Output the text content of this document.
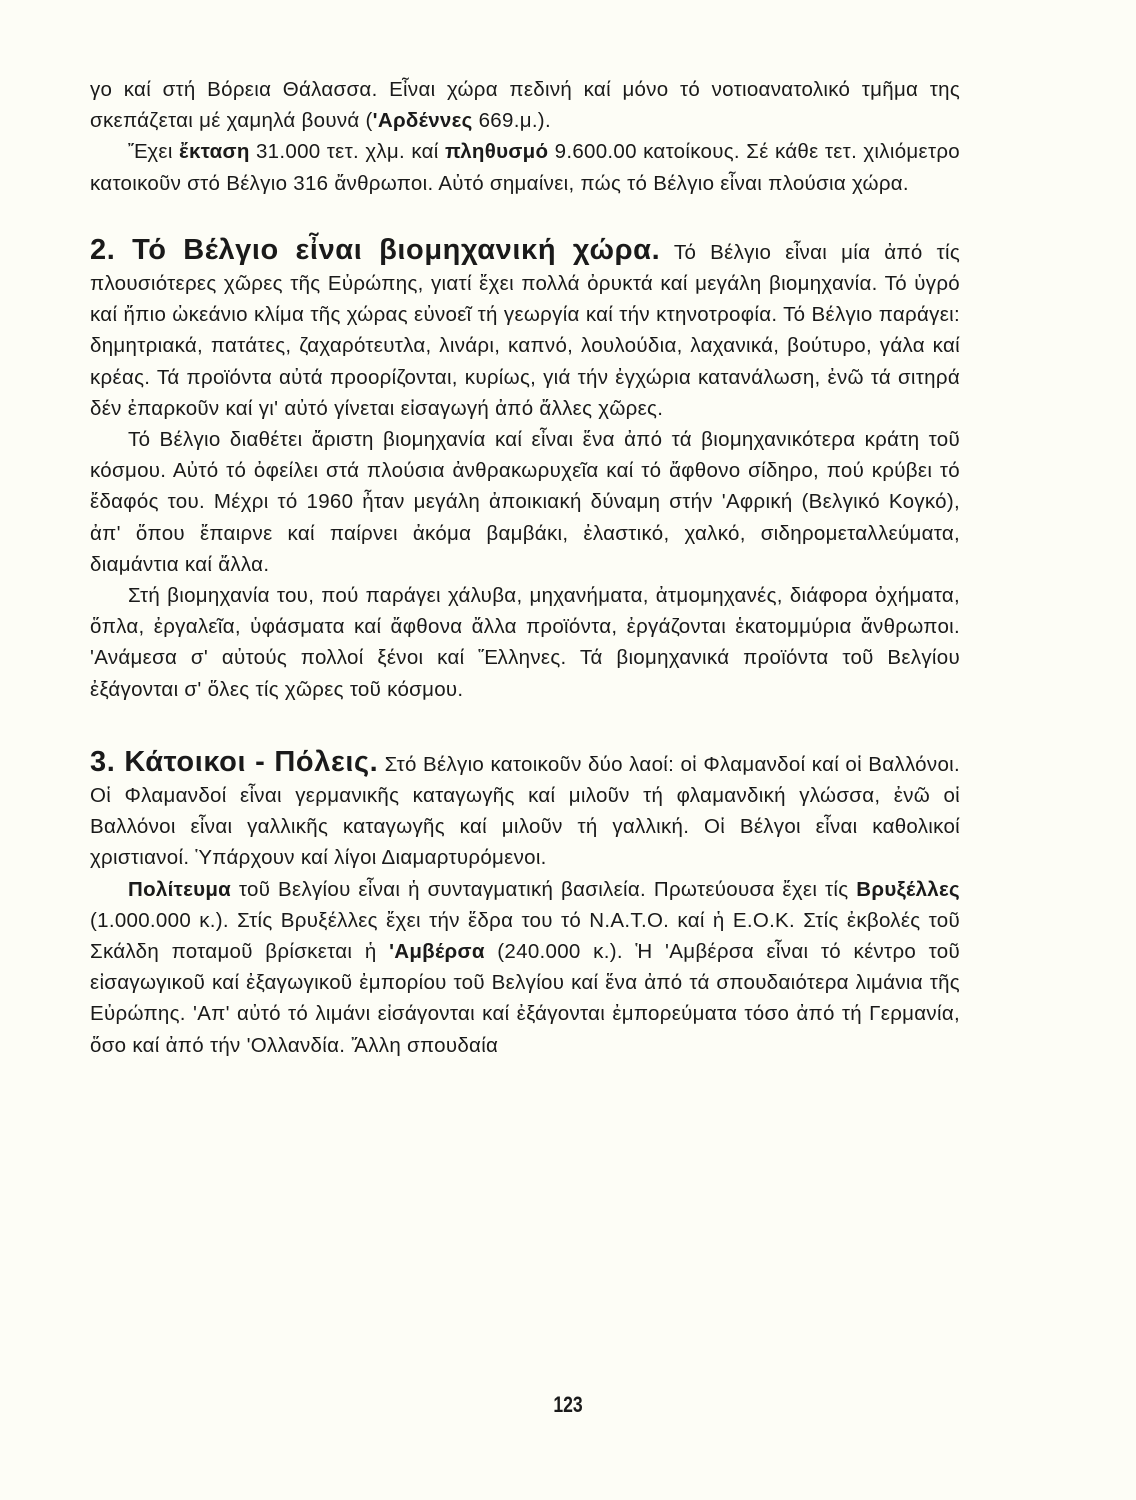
γο καί στή Βόρεια Θάλασσα. Εἶναι χώρα πεδινή καί μόνο τό νοτιοανατολικό τμῆμα της σκεπάζεται μέ χαμηλά βουνά ('Αρδέννες 669.μ.).

Ἔχει ἔκταση 31.000 τετ. χλμ. καί πληθυσμό 9.600.00 κατοίκους. Σέ κάθε τετ. χιλιόμετρο κατοικοῦν στό Βέλγιο 316 ἄνθρωποι. Αὐτό σημαίνει, πώς τό Βέλγιο εἶναι πλούσια χώρα.

2. Τό Βέλγιο εἶναι βιομηχανική χώρα. Τό Βέλγιο εἶναι μία ἀπό τίς πλουσιότερες χῶρες τῆς Εὐρώπης, γιατί ἔχει πολλά ὀρυκτά καί μεγάλη βιομηχανία. Τό ὑγρό καί ἤπιο ὠκεάνιο κλίμα τῆς χώρας εὐνοεῖ τή γεωργία καί τήν κτηνοτροφία. Τό Βέλγιο παράγει: δημητριακά, πατάτες, ζαχαρότευτλα, λινάρι, καπνό, λουλούδια, λαχανικά, βούτυρο, γάλα καί κρέας. Τά προϊόντα αὐτά προορίζονται, κυρίως, γιά τήν ἐγχώρια κατανάλωση, ἐνῶ τά σιτηρά δέν ἐπαρκοῦν καί γι' αὐτό γίνεται εἰσαγωγή ἀπό ἄλλες χῶρες.

Τό Βέλγιο διαθέτει ἄριστη βιομηχανία καί εἶναι ἕνα ἀπό τά βιομηχανικότερα κράτη τοῦ κόσμου. Αὐτό τό ὀφείλει στά πλούσια ἀνθρακωρυχεῖα καί τό ἄφθονο σίδηρο, πού κρύβει τό ἔδαφός του. Μέχρι τό 1960 ἦταν μεγάλη ἀποικιακή δύναμη στήν 'Αφρική (Βελγικό Κογκό), ἀπ' ὅπου ἔπαιρνε καί παίρνει ἀκόμα βαμβάκι, ἐλαστικό, χαλκό, σιδηρομεταλλεύματα, διαμάντια καί ἄλλα.

Στή βιομηχανία του, πού παράγει χάλυβα, μηχανήματα, ἀτμομηχανές, διάφορα ὀχήματα, ὅπλα, ἐργαλεῖα, ὑφάσματα καί ἄφθονα ἄλλα προϊόντα, ἐργάζονται ἑκατομμύρια ἄνθρωποι. 'Ανάμεσα σ' αὐτούς πολλοί ξένοι καί Ἕλληνες. Τά βιομηχανικά προϊόντα τοῦ Βελγίου ἐξάγονται σ' ὅλες τίς χῶρες τοῦ κόσμου.

3. Κάτοικοι - Πόλεις. Στό Βέλγιο κατοικοῦν δύο λαοί: οἱ Φλαμανδοί καί οἱ Βαλλόνοι. Οἱ Φλαμανδοί εἶναι γερμανικῆς καταγωγῆς καί μιλοῦν τή φλαμανδική γλώσσα, ἐνῶ οἱ Βαλλόνοι εἶναι γαλλικῆς καταγωγῆς καί μιλοῦν τή γαλλική. Οἱ Βέλγοι εἶναι καθολικοί χριστιανοί. Ὑπάρχουν καί λίγοι Διαμαρτυρόμενοι.

Πολίτευμα τοῦ Βελγίου εἶναι ἡ συνταγματική βασιλεία. Πρωτεύουσα ἔχει τίς Βρυξέλλες (1.000.000 κ.). Στίς Βρυξέλλες ἔχει τήν ἕδρα του τό Ν.Α.Τ.Ο. καί ἡ Ε.Ο.Κ. Στίς ἐκβολές τοῦ Σκάλδη ποταμοῦ βρίσκεται ἡ 'Αμβέρσα (240.000 κ.). Ἡ 'Αμβέρσα εἶναι τό κέντρο τοῦ εἰσαγωγικοῦ καί ἐξαγωγικοῦ ἐμπορίου τοῦ Βελγίου καί ἕνα ἀπό τά σπουδαιότερα λιμάνια τῆς Εὐρώπης. 'Απ' αὐτό τό λιμάνι εἰσάγονται καί ἐξάγονται ἐμπορεύματα τόσο ἀπό τή Γερμανία, ὅσο καί ἀπό τήν 'Ολλανδία. Ἄλλη σπουδαία

123
